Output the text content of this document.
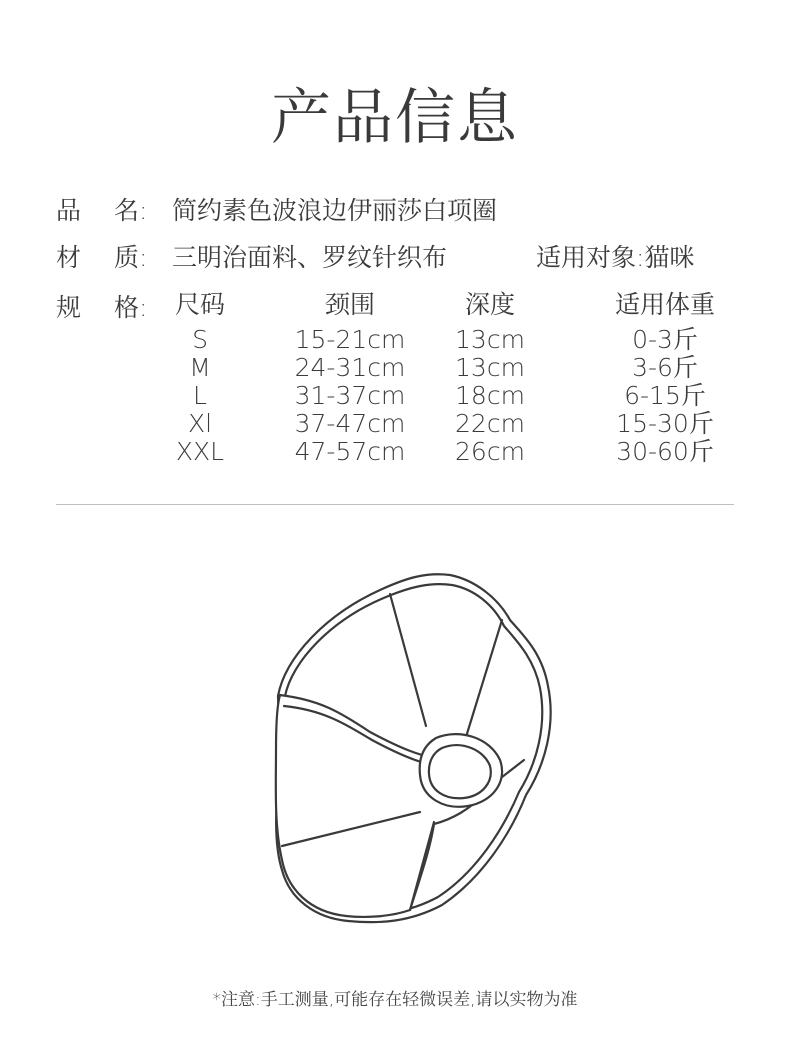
产品信息
品 名: 简约素色波浪边伊丽莎白项圈
材 质: 三明治面料、罗纹针织布	适用对象:猫咪
规 格:	尺码
S
M
L
Xl
XXL
颈围
15-21cm
24-31cm
31-37cm
37-47cm
47-57cm
深度
13cm
13cm
18cm
22cm
26cm
适用体重
0-3斤
3-6斤
6-15斤
15-30斤
30-60斤
*注意:手工测量,可能存在轻微误差,请以实物为准
